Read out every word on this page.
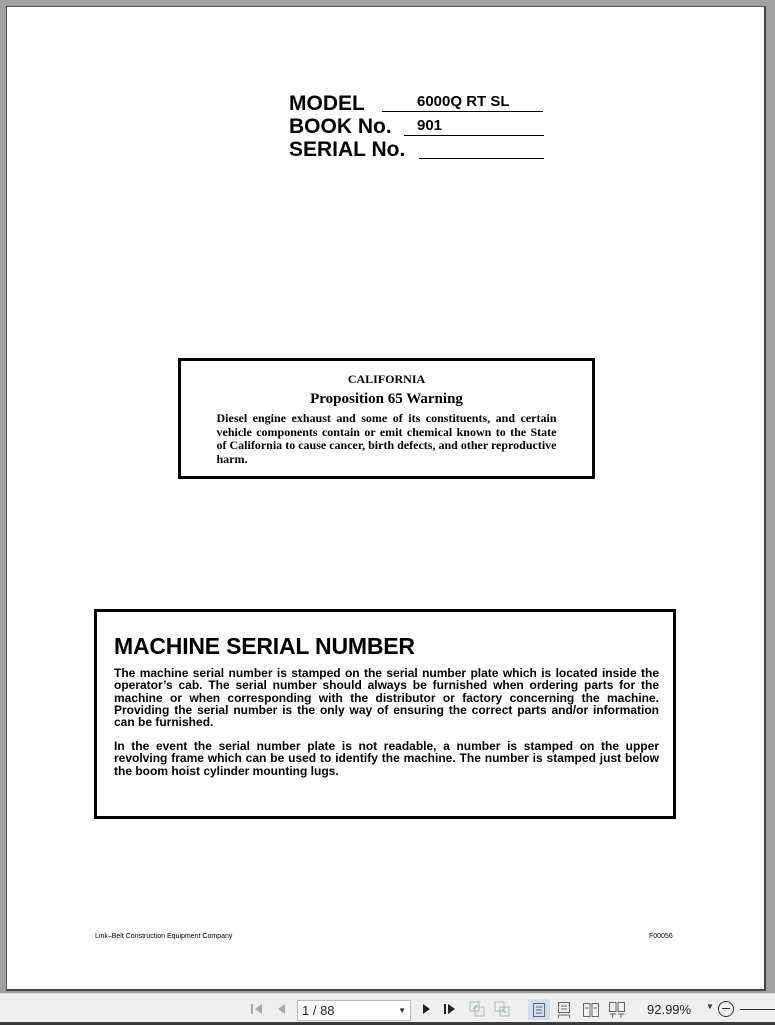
MODEL	6000Q RT SL
BOOK No.	901
SERIAL No.
CALIFORNIA
Proposition 65 Warning
Diesel engine exhaust and some of its constituents, and certain vehicle components contain or emit chemical known to the State of California to cause cancer, birth defects, and other reproductive harm.
MACHINE SERIAL NUMBER
The machine serial number is stamped on the serial number plate which is located inside the operator’s cab. The serial number should always be furnished when ordering parts for the machine or when corresponding with the distributor or factory concerning the machine. Providing the serial number is the only way of ensuring the correct parts and/or information can be furnished.
In the event the serial number plate is not readable, a number is stamped on the upper revolving frame which can be used to identify the machine. The number is stamped just below the boom hoist cylinder mounting lugs.
Link–Belt Construction Equipment Company	F00056
1 / 88	▼	92.99% ▼
